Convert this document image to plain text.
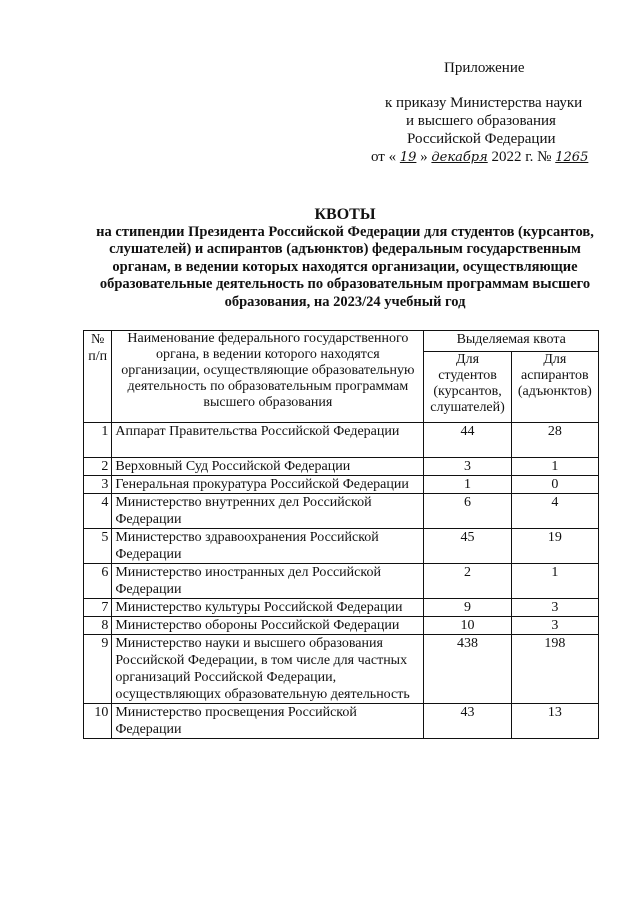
Приложение
к приказу Министерства науки
и высшего образования
Российской Федерации
от « 19 » декабря 2022 г. № 1265
КВОТЫ
на стипендии Президента Российской Федерации для студентов (курсантов, слушателей) и аспирантов (адъюнктов) федеральным государственным органам, в ведении которых находятся организации, осуществляющие образовательные деятельность по образовательным программам высшего образования, на 2023/24 учебный год
№ п/п	Наименование федерального государственного органа, в ведении которого находятся организации, осуществляющие образовательную деятельность по образовательным программам высшего образования	Выделяемая квота	
		Для студентов (курсантов, слушателей)	Для аспирантов (адъюнктов)
1	Аппарат Правительства Российской Федерации	44	28
2	Верховный Суд Российской Федерации	3	1
3	Генеральная прокуратура Российской Федерации	1	0
4	Министерство внутренних дел Российской Федерации	6	4
5	Министерство здравоохранения Российской Федерации	45	19
6	Министерство иностранных дел Российской Федерации	2	1
7	Министерство культуры Российской Федерации	9	3
8	Министерство обороны Российской Федерации	10	3
9	Министерство науки и высшего образования Российской Федерации, в том числе для частных организаций Российской Федерации, осуществляющих образовательную деятельность	438	198
10	Министерство просвещения Российской Федерации	43	13
